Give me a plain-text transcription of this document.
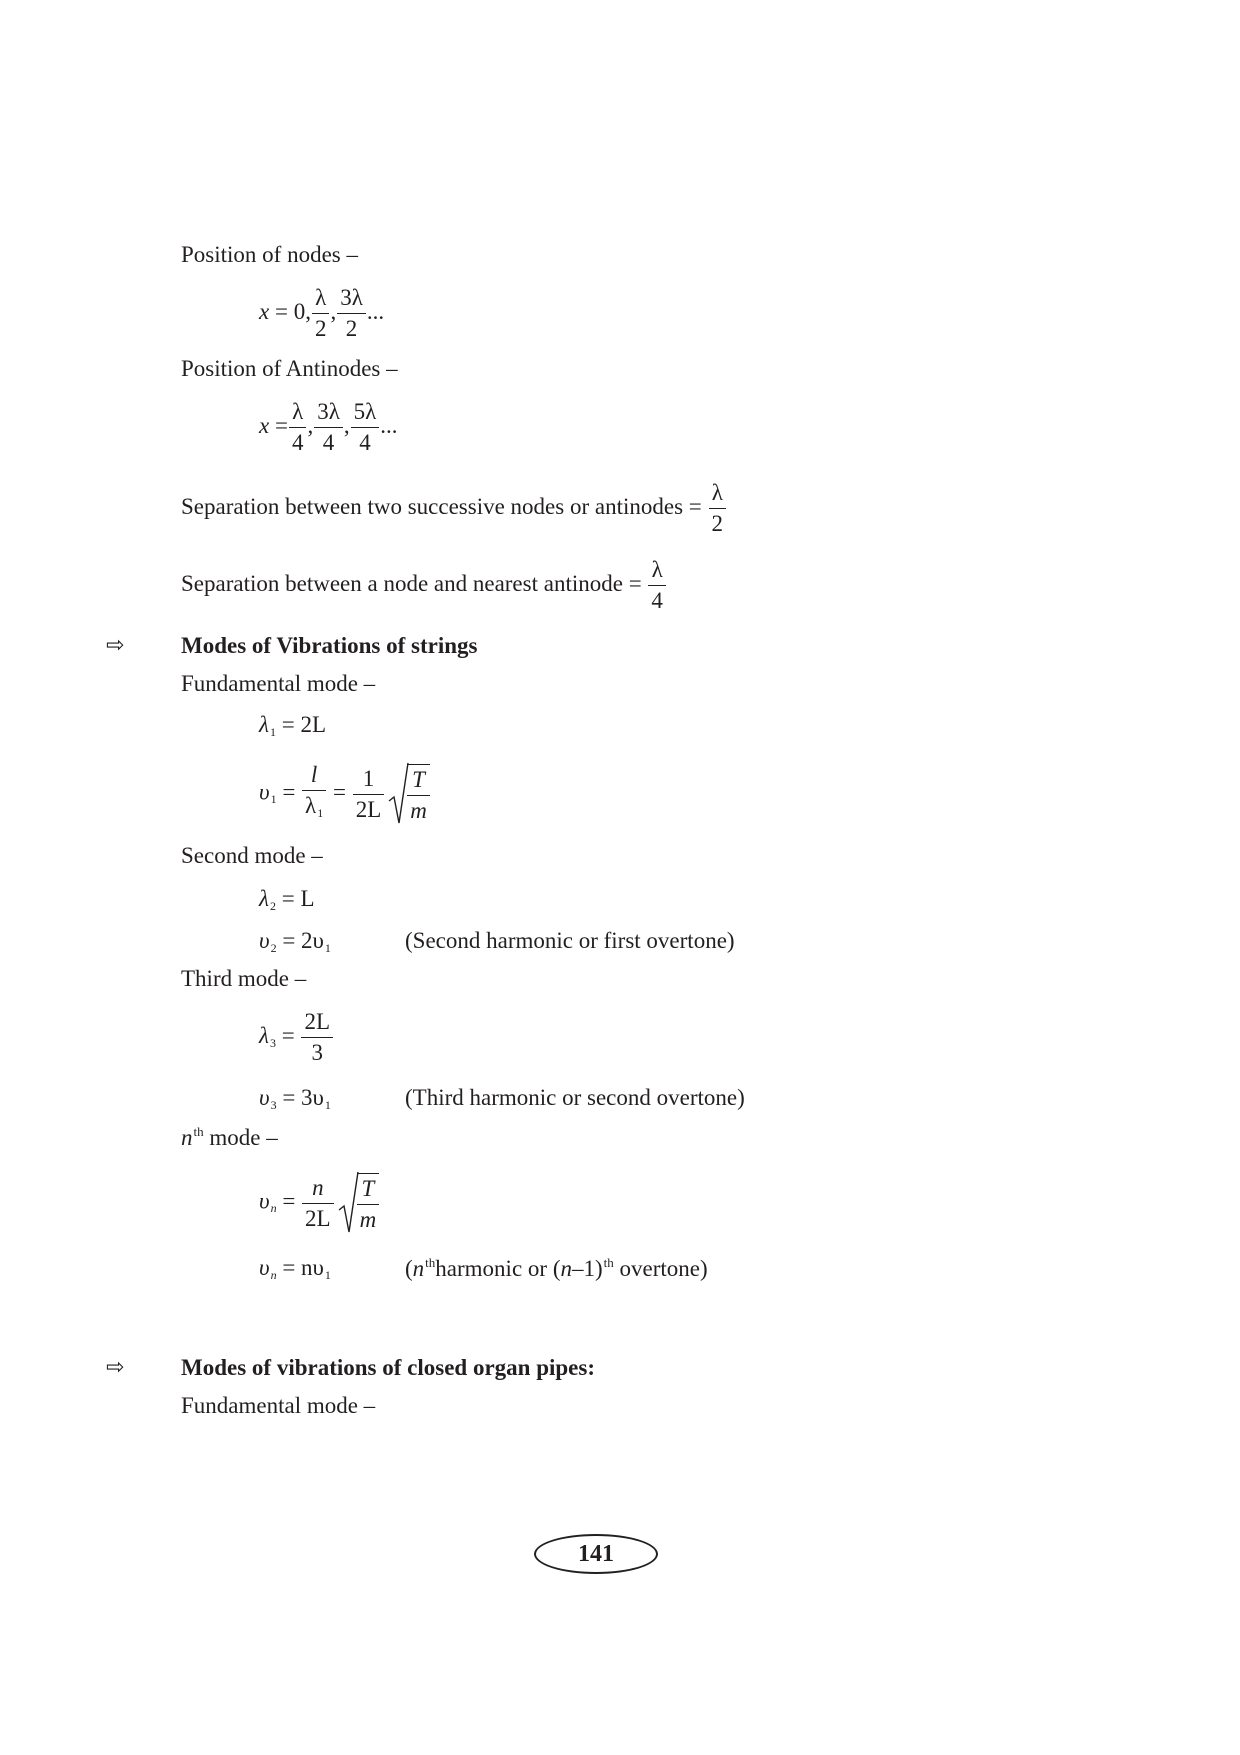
Position of nodes –
x = 0, $\frac{\lambda}{2}$ , $\frac{3\lambda}{2}$ ...
Position of Antinodes –
$x = \frac{\lambda}{4}$ , $\frac{3\lambda}{4}$ , $\frac{5\lambda}{4}$ ...
Separation between two successive nodes or antinodes = $\frac{\lambda}{2}$
Separation between a node and nearest antinode = $\frac{\lambda}{4}$
⇨ Modes of Vibrations of strings
Fundamental mode –
$\lambda_1 = 2L$
$\upsilon_1 = \frac{l}{\lambda_1} = \frac{1}{2L} \frac{T}{m}$
Second mode –
$\lambda_2 = L$
$\upsilon_2 = 2\upsilon_1$	(Second harmonic or first overtone)
Third mode –
$\lambda_3 = \frac{2L}{3}$
$\upsilon_3 = 3\upsilon_1$	(Third harmonic or second overtone)
$n^{th}$ mode –
$\upsilon_n = \frac{n}{2L} \frac{T}{m}$
$\upsilon_n = n\upsilon_1$	($n^{th}harmonic$ or $(n-1)^{th}$ overtone)
⇨ Modes of vibrations of closed organ pipes:
Fundamental mode –
141
